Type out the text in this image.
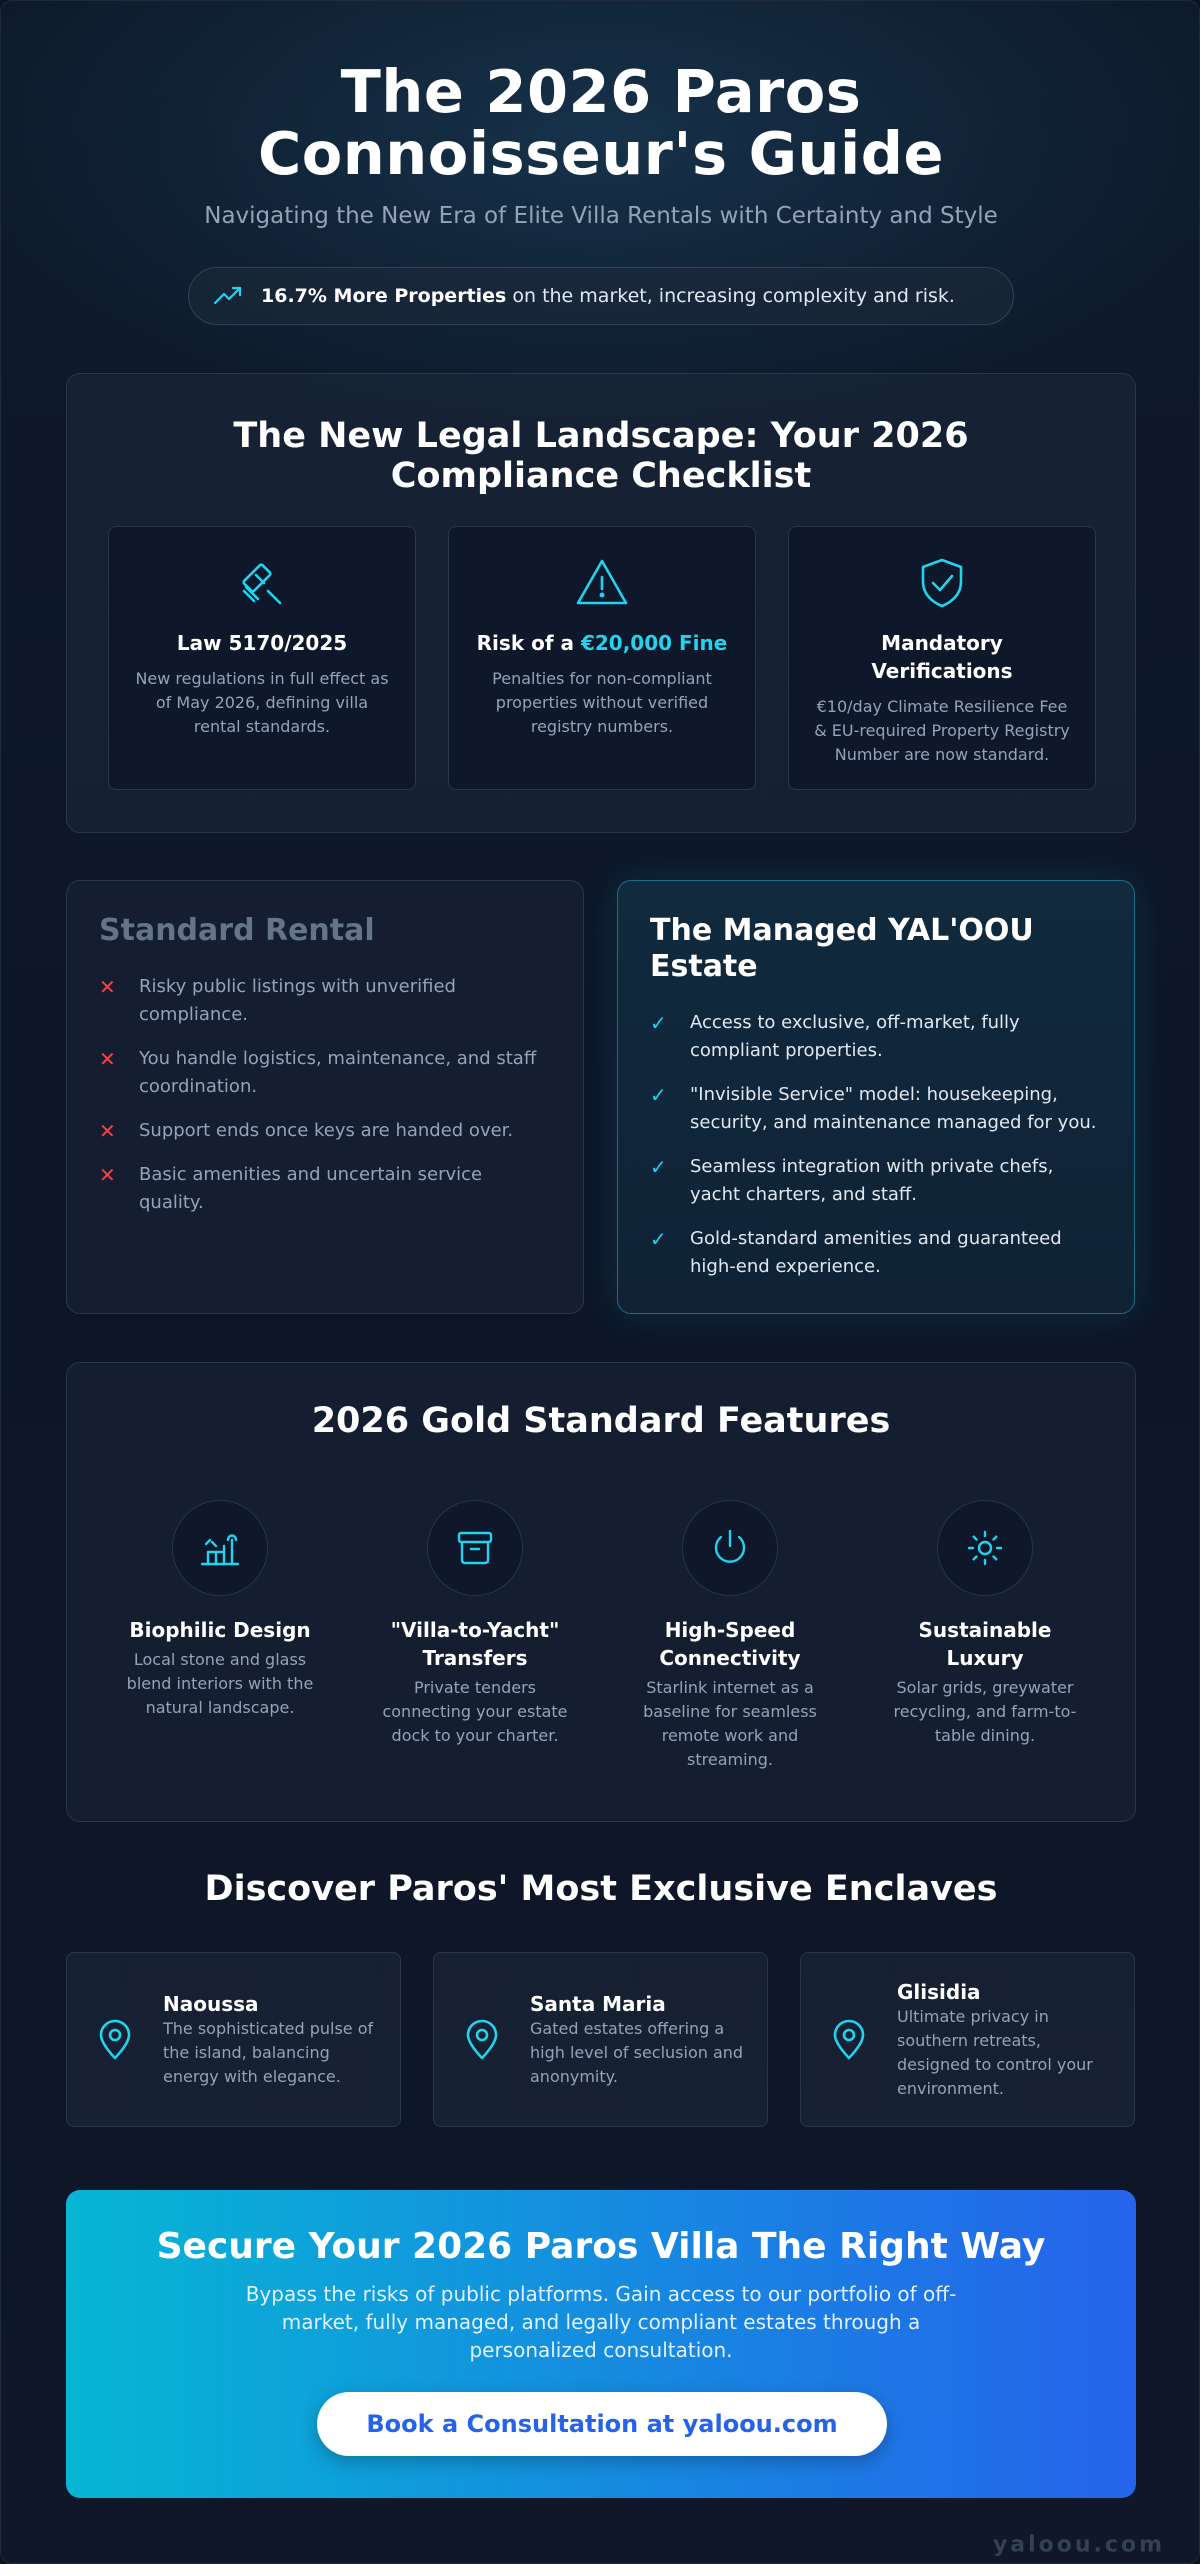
The 2026 Paros Connoisseur's Guide
Navigating the New Era of Elite Villa Rentals with Certainty and Style
16.7% More Properties on the market, increasing complexity and risk.
The New Legal Landscape: Your 2026 Compliance Checklist
Law 5170/2025
New regulations in full effect as of May 2026, defining villa rental standards.
Risk of a €20,000 Fine
Penalties for non-compliant properties without verified registry numbers.
Mandatory Verifications
€10/day Climate Resilience Fee & EU-required Property Registry Number are now standard.
Standard Rental
✕	Risky public listings with unverified compliance.
✕	You handle logistics, maintenance, and staff coordination.
✕	Support ends once keys are handed over.
✕	Basic amenities and uncertain service quality.
The Managed YAL'OOU Estate
✓	Access to exclusive, off-market, fully compliant properties.
✓	"Invisible Service" model: housekeeping, security, and maintenance managed for you.
✓	Seamless integration with private chefs, yacht charters, and staff.
✓	Gold-standard amenities and guaranteed high-end experience.
2026 Gold Standard Features
Biophilic Design
Local stone and glass blend interiors with the natural landscape.
"Villa-to-Yacht" Transfers
Private tenders connecting your estate dock to your charter.
High-Speed Connectivity
Starlink internet as a baseline for seamless remote work and streaming.
Sustainable Luxury
Solar grids, greywater recycling, and farm-to-table dining.
Discover Paros' Most Exclusive Enclaves
Naoussa
The sophisticated pulse of the island, balancing energy with elegance.
Santa Maria
Gated estates offering a high level of seclusion and anonymity.
Glisidia
Ultimate privacy in southern retreats, designed to control your environment.
Secure Your 2026 Paros Villa The Right Way
Bypass the risks of public platforms. Gain access to our portfolio of off-market, fully managed, and legally compliant estates through a personalized consultation.
Book a Consultation at yaloou.com
yaloou.com
